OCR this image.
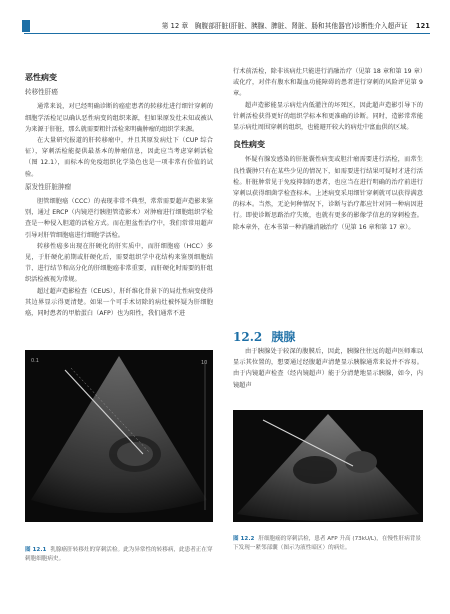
第 12 章　胸腹部肝脏(肝脏、胰腺、脾脏、肾脏、肠和其他器官)诊断性介入超声证 121
恶性病变
转移性肝癌

通常来说，对已经明确诊断的癌症患者的转移灶进行细针穿刺的细胞学活检足以确认恶性病变的组织来源，但如果原发灶未知或被认为来源于肝脏，那么就需要粗针活检来明确肿瘤的组织学来源。

在大量研究报道的肝转移瘤中，并且其原发病灶下（CUP 综合征），穿刺活检能提供最基本的肿瘤信息，因此应当考虑穿刺活检（图 12.1），而标本的免疫组织化学染色也是一项非常有价值的试验。

原发性肝脏肿瘤

胆管细胞癌（CCC）的表现非常不典型，常常需要超声造影来鉴别，通过 ERCP（内镜逆行胰胆管造影术）对肿瘤进行细胞组织学检查是一种侵入胆道的活检方式。而在胆盆性治疗中，我们常常用超声引导对肝管细胞癌进行细胞学活检。

转移性癌多出现在肝硬化的肝实质中，而肝细胞癌（HCC）多见，于肝硬化前期或肝硬化后，需要组织学中花结构来鉴别细胞结节、进行结节和高分化的肝细胞癌非常重要，而肝硬化时需要的肝组织活检被视为常规。

超过超声造影检查（CEUS），肝纤维化背景下的局灶性病变使得其边界显示得更清楚。如果一个可手术切除的病灶被怀疑为肝细胞癌，同时患者的甲胎蛋白（AFP）也为阳性，我们通常不进

行术前活检，除非该病灶只能进行消融治疗（见第 18 章和第 19 章）或化疗，对伴有腹水和凝血功能障碍的患者进行穿刺的风险评见第 9 章。

超声造影能显示病灶内低灌注的坏死区，因此超声造影引导下的针刺活检获得更好的组织学标本和更准确的诊断。同时，造影常常能显示病灶周围穿刺的组织，也能避开较大的病灶中富血供的区域。

良性病变

怀疑有腺发感染的肝脏囊性病变或胆汁瘤需要进行活检，而常生良性囊肿只有在某些少见的情况下，如需要进行结果可疑时才进行活检。肝脏肿常见于免疫抑制的患者，也应当在进行明确的治疗前进行穿刺以获得细菌学检查标本。上述病变采用细针穿刺就可以获得满意的标本。当然，无论何种情况下，诊断与治疗都应针对同一种病因进行。即使诊断思路治疗失败，也就有更多的影像学信息的穿刺检查。除本章外，在本书第一种消融消融治疗（见第 16 章和第 17 章）。

12.2 胰腺

由于胰腺处于较深的腹膜后，因此，胰腺往往远的超声医师难以显示其位置的，想要通过经腹超声清楚显示胰腺通常来说并不容易。由于内镜超声检查（经内镜超声）能于分清楚地显示胰腺，如今，内镜超声

10
0.1
图 12.1 乳腺癌肝转移灶的穿刺活检。此为异常性的转移病，此患者正在穿刺胞细胞病史。
图 12.2 肝细胞癌的穿刺活检，患者 AFP 升高 (73kU/L)，在慢性肝病背景下发现一紧邻部囊（图示为液性暗区）的病灶。
